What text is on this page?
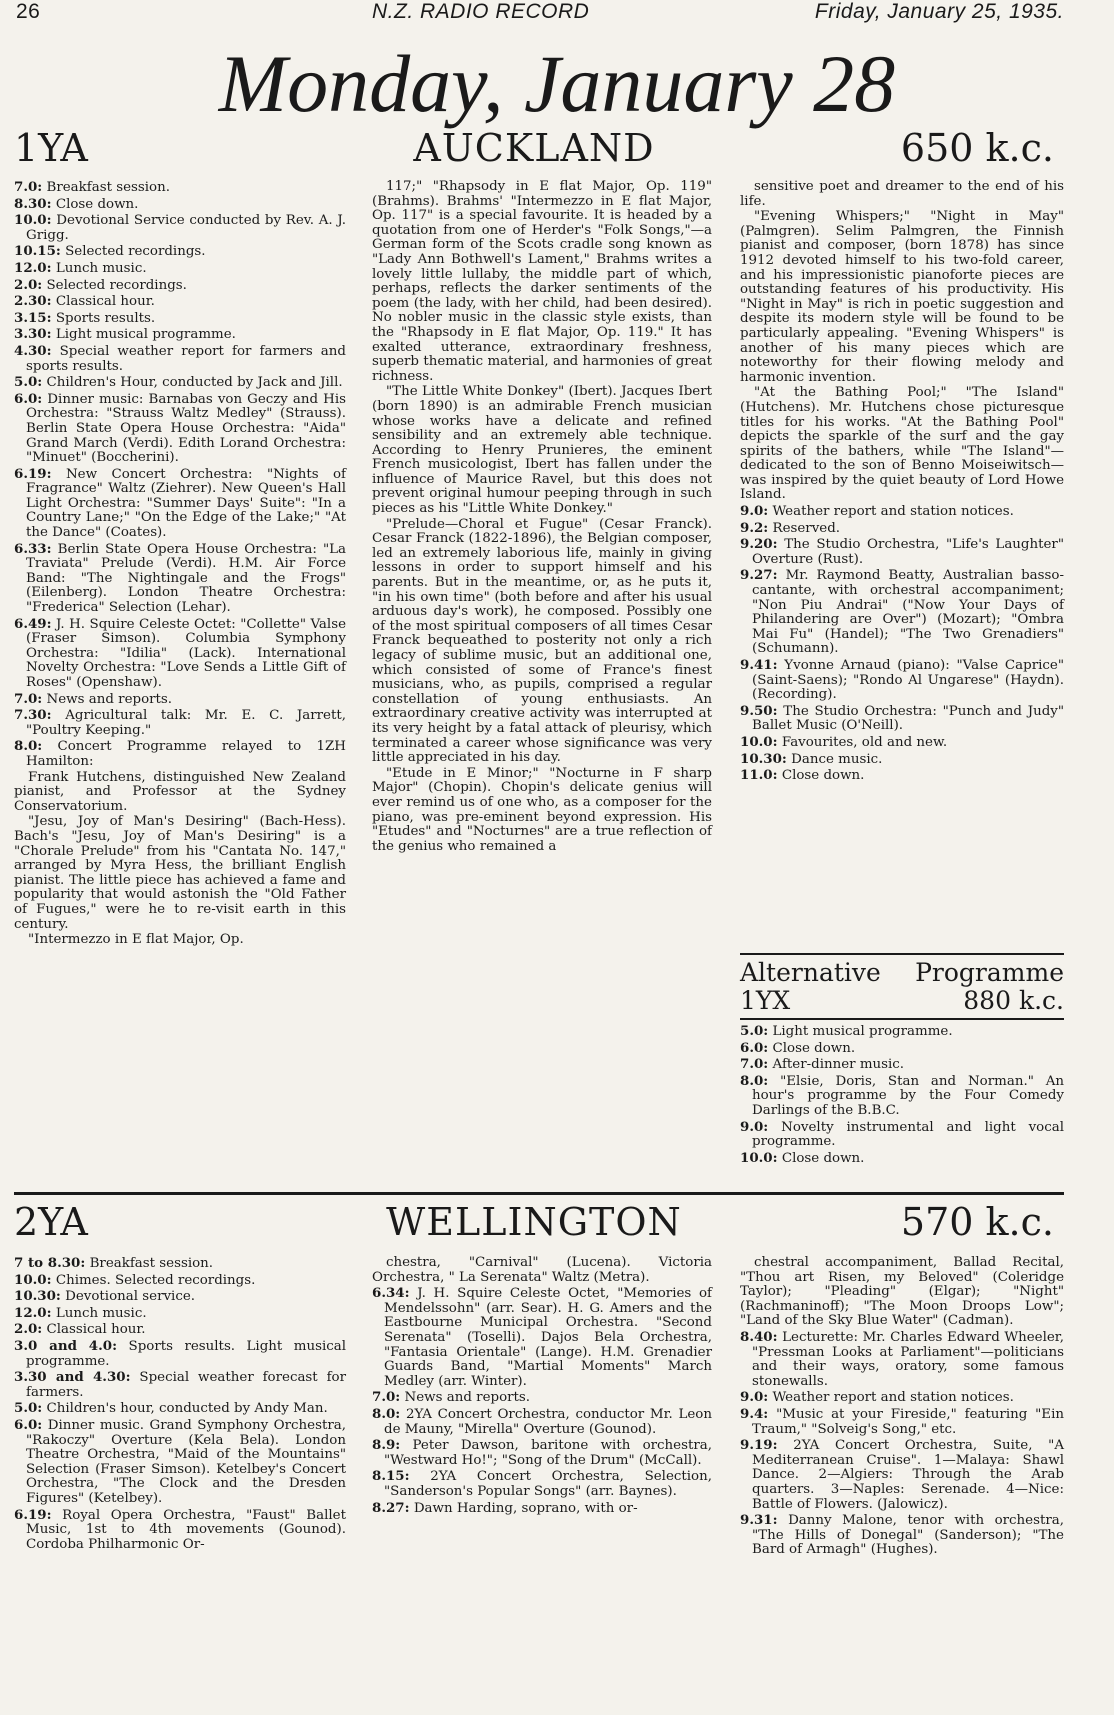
26	N.Z. RADIO RECORD	Friday, January 25, 1935.
Monday, January 28
AUCKLAND
1YA	650 k.c.

7.0: Breakfast session.

8.30: Close down.

10.0: Devotional Service conducted by Rev. A. J. Grigg.

10.15: Selected recordings.

12.0: Lunch music.

2.0: Selected recordings.

2.30: Classical hour.

3.15: Sports results.

3.30: Light musical programme.

4.30: Special weather report for farmers and sports results.

5.0: Children's Hour, conducted by Jack and Jill.

6.0: Dinner music: Barnabas von Geczy and His Orchestra: "Strauss Waltz Medley" (Strauss). Berlin State Opera House Orchestra: "Aida" Grand March (Verdi). Edith Lorand Orchestra: "Minuet" (Boccherini).

6.19: New Concert Orchestra: "Nights of Fragrance" Waltz (Ziehrer). New Queen's Hall Light Orchestra: "Summer Days' Suite": "In a Country Lane;" "On the Edge of the Lake;" "At the Dance" (Coates).

6.33: Berlin State Opera House Orchestra: "La Traviata" Prelude (Verdi). H.M. Air Force Band: "The Nightingale and the Frogs" (Eilenberg). London Theatre Orchestra: "Frederica" Selection (Lehar).

6.49: J. H. Squire Celeste Octet: "Collette" Valse (Fraser Simson). Columbia Symphony Orchestra: "Idilia" (Lack). International Novelty Orchestra: "Love Sends a Little Gift of Roses" (Openshaw).

7.0: News and reports.

7.30: Agricultural talk: Mr. E. C. Jarrett, "Poultry Keeping."

8.0: Concert Programme relayed to 1ZH Hamilton:

Frank Hutchens, distinguished New Zealand pianist, and Professor at the Sydney Conservatorium.

"Jesu, Joy of Man's Desiring" (Bach-Hess). Bach's "Jesu, Joy of Man's Desiring" is a "Chorale Prelude" from his "Cantata No. 147," arranged by Myra Hess, the brilliant English pianist. The little piece has achieved a fame and popularity that would astonish the "Old Father of Fugues," were he to re-visit earth in this century.

"Intermezzo in E flat Major, Op.

117;" "Rhapsody in E flat Major, Op. 119" (Brahms). Brahms' "Intermezzo in E flat Major, Op. 117" is a special favourite. It is headed by a quotation from one of Herder's "Folk Songs,"—a German form of the Scots cradle song known as "Lady Ann Bothwell's Lament," Brahms writes a lovely little lullaby, the middle part of which, perhaps, reflects the darker sentiments of the poem (the lady, with her child, had been desired). No nobler music in the classic style exists, than the "Rhapsody in E flat Major, Op. 119." It has exalted utterance, extraordinary freshness, superb thematic material, and harmonies of great richness.

"The Little White Donkey" (Ibert). Jacques Ibert (born 1890) is an admirable French musician whose works have a delicate and refined sensibility and an extremely able technique. According to Henry Prunieres, the eminent French musicologist, Ibert has fallen under the influence of Maurice Ravel, but this does not prevent original humour peeping through in such pieces as his "Little White Donkey."

"Prelude—Choral et Fugue" (Cesar Franck). Cesar Franck (1822-1896), the Belgian composer, led an extremely laborious life, mainly in giving lessons in order to support himself and his parents. But in the meantime, or, as he puts it, "in his own time" (both before and after his usual arduous day's work), he composed. Possibly one of the most spiritual composers of all times Cesar Franck bequeathed to posterity not only a rich legacy of sublime music, but an additional one, which consisted of some of France's finest musicians, who, as pupils, comprised a regular constellation of young enthusiasts. An extraordinary creative activity was interrupted at its very height by a fatal attack of pleurisy, which terminated a career whose significance was very little appreciated in his day.

"Etude in E Minor;" "Nocturne in F sharp Major" (Chopin). Chopin's delicate genius will ever remind us of one who, as a composer for the piano, was pre-eminent beyond expression. His "Etudes" and "Nocturnes" are a true reflection of the genius who remained a

sensitive poet and dreamer to the end of his life.

"Evening Whispers;" "Night in May" (Palmgren). Selim Palmgren, the Finnish pianist and composer, (born 1878) has since 1912 devoted himself to his two-fold career, and his impressionistic pianoforte pieces are outstanding features of his productivity. His "Night in May" is rich in poetic suggestion and despite its modern style will be found to be particularly appealing. "Evening Whispers" is another of his many pieces which are noteworthy for their flowing melody and harmonic invention.

"At the Bathing Pool;" "The Island" (Hutchens). Mr. Hutchens chose picturesque titles for his works. "At the Bathing Pool" depicts the sparkle of the surf and the gay spirits of the bathers, while "The Island"—dedicated to the son of Benno Moiseiwitsch—was inspired by the quiet beauty of Lord Howe Island.

9.0: Weather report and station notices.

9.2: Reserved.

9.20: The Studio Orchestra, "Life's Laughter" Overture (Rust).

9.27: Mr. Raymond Beatty, Australian basso-cantante, with orchestral accompaniment; "Non Piu Andrai" ("Now Your Days of Philandering are Over") (Mozart); "Ombra Mai Fu" (Handel); "The Two Grenadiers" (Schumann).

9.41: Yvonne Arnaud (piano): "Valse Caprice" (Saint-Saens); "Rondo Al Ungarese" (Haydn). (Recording).

9.50: The Studio Orchestra: "Punch and Judy" Ballet Music (O'Neill).

10.0: Favourites, old and new.

10.30: Dance music.

11.0: Close down.

Alternative Programme
1YX	880 k.c.

5.0: Light musical programme.

6.0: Close down.

7.0: After-dinner music.

8.0: "Elsie, Doris, Stan and Norman." An hour's programme by the Four Comedy Darlings of the B.B.C.

9.0: Novelty instrumental and light vocal programme.

10.0: Close down.

WELLINGTON
2YA	570 k.c.

7 to 8.30: Breakfast session.

10.0: Chimes. Selected recordings.

10.30: Devotional service.

12.0: Lunch music.

2.0: Classical hour.

3.0 and 4.0: Sports results. Light musical programme.

3.30 and 4.30: Special weather forecast for farmers.

5.0: Children's hour, conducted by Andy Man.

6.0: Dinner music. Grand Symphony Orchestra, "Rakoczy" Overture (Kela Bela). London Theatre Orchestra, "Maid of the Mountains" Selection (Fraser Simson). Ketelbey's Concert Orchestra, "The Clock and the Dresden Figures" (Ketelbey).

6.19: Royal Opera Orchestra, "Faust" Ballet Music, 1st to 4th movements (Gounod). Cordoba Philharmonic Or-

chestra, "Carnival" (Lucena). Victoria Orchestra, " La Serenata" Waltz (Metra).

6.34: J. H. Squire Celeste Octet, "Memories of Mendelssohn" (arr. Sear). H. G. Amers and the Eastbourne Municipal Orchestra. "Second Serenata" (Toselli). Dajos Bela Orchestra, "Fantasia Orientale" (Lange). H.M. Grenadier Guards Band, "Martial Moments" March Medley (arr. Winter).

7.0: News and reports.

8.0: 2YA Concert Orchestra, conductor Mr. Leon de Mauny, "Mirella" Overture (Gounod).

8.9: Peter Dawson, baritone with orchestra, "Westward Ho!"; "Song of the Drum" (McCall).

8.15: 2YA Concert Orchestra, Selection, "Sanderson's Popular Songs" (arr. Baynes).

8.27: Dawn Harding, soprano, with or-

chestral accompaniment, Ballad Recital, "Thou art Risen, my Beloved" (Coleridge Taylor); "Pleading" (Elgar); "Night" (Rachmaninoff); "The Moon Droops Low"; "Land of the Sky Blue Water" (Cadman).

8.40: Lecturette: Mr. Charles Edward Wheeler, "Pressman Looks at Parliament"—politicians and their ways, oratory, some famous stonewalls.

9.0: Weather report and station notices.

9.4: "Music at your Fireside," featuring "Ein Traum," "Solveig's Song," etc.

9.19: 2YA Concert Orchestra, Suite, "A Mediterranean Cruise". 1—Malaya: Shawl Dance. 2—Algiers: Through the Arab quarters. 3—Naples: Serenade. 4—Nice: Battle of Flowers. (Jalowicz).

9.31: Danny Malone, tenor with orchestra, "The Hills of Donegal" (Sanderson); "The Bard of Armagh" (Hughes).
